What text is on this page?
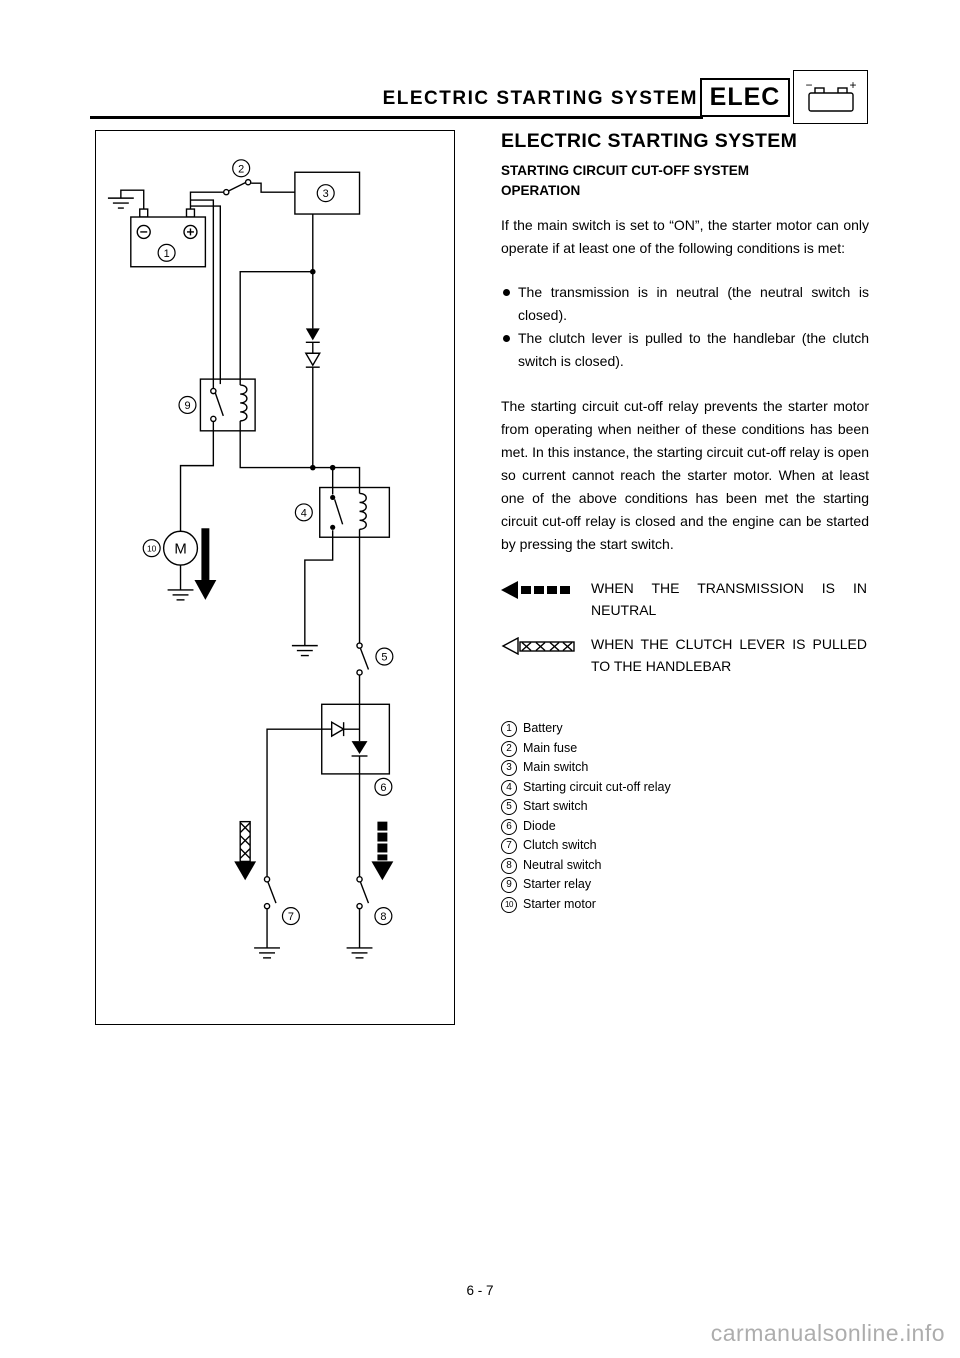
ELECTRIC STARTING SYSTEM ELEC −	+
1
2
3
9
M
10
4
5
6
7	8
ELECTRIC STARTING SYSTEM
STARTING CIRCUIT CUT-OFF SYSTEM
OPERATION

If the main switch is set to “ON”, the starter motor can only operate if at least one of the following conditions is met:

The transmission is in neutral (the neutral switch is closed).
The clutch lever is pulled to the handlebar (the clutch switch is closed).

The starting circuit cut-off relay prevents the starter motor from operating when neither of these conditions has been met. In this instance, the starting circuit cut-off relay is open so current cannot reach the starter motor. When at least one of the above conditions has been met the starting circuit cut-off relay is closed and the engine can be started by pressing the start switch.

WHEN THE TRANSMISSION IS IN NEUTRAL
WHEN THE CLUTCH LEVER IS PULLED TO THE HANDLEBAR
1 Battery
2 Main fuse
3 Main switch
4 Starting circuit cut-off relay
5 Start switch
6 Diode
7 Clutch switch
8 Neutral switch
9 Starter relay
10 Starter motor
6 - 7
carmanualsonline.info
